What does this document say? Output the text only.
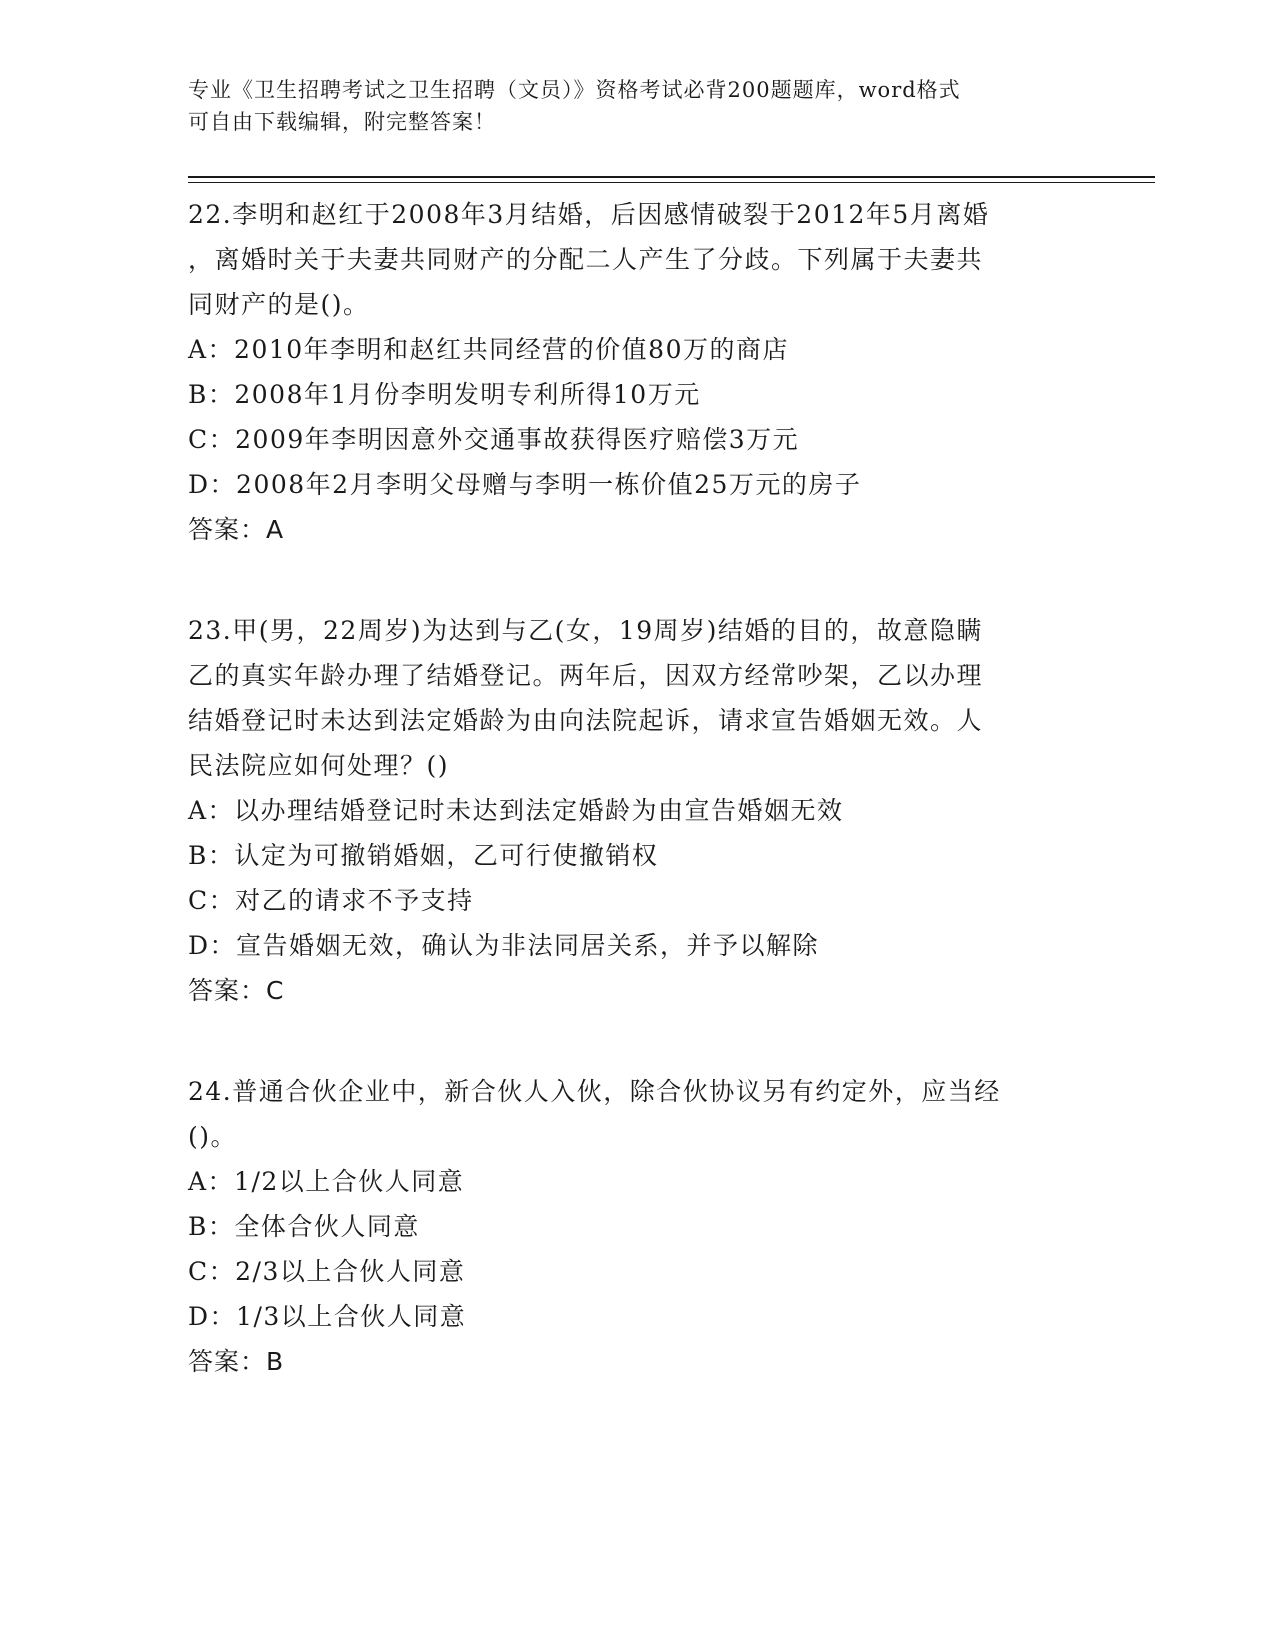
专业《卫生招聘考试之卫生招聘（文员）》资格考试必背200题题库，word格式
可自由下载编辑，附完整答案！
22.李明和赵红于2008年3月结婚，后因感情破裂于2012年5月离婚
，离婚时关于夫妻共同财产的分配二人产生了分歧。下列属于夫妻共
同财产的是()。
A：2010年李明和赵红共同经营的价值80万的商店
B：2008年1月份李明发明专利所得10万元
C：2009年李明因意外交通事故获得医疗赔偿3万元
D：2008年2月李明父母赠与李明一栋价值25万元的房子
答案：A
23.甲(男，22周岁)为达到与乙(女，19周岁)结婚的目的，故意隐瞒
乙的真实年龄办理了结婚登记。两年后，因双方经常吵架，乙以办理
结婚登记时未达到法定婚龄为由向法院起诉，请求宣告婚姻无效。人
民法院应如何处理？()
A：以办理结婚登记时未达到法定婚龄为由宣告婚姻无效
B：认定为可撤销婚姻，乙可行使撤销权
C：对乙的请求不予支持
D：宣告婚姻无效，确认为非法同居关系，并予以解除
答案：C
24.普通合伙企业中，新合伙人入伙，除合伙协议另有约定外，应当经
()。
A：1/2以上合伙人同意
B：全体合伙人同意
C：2/3以上合伙人同意
D：1/3以上合伙人同意
答案：B
